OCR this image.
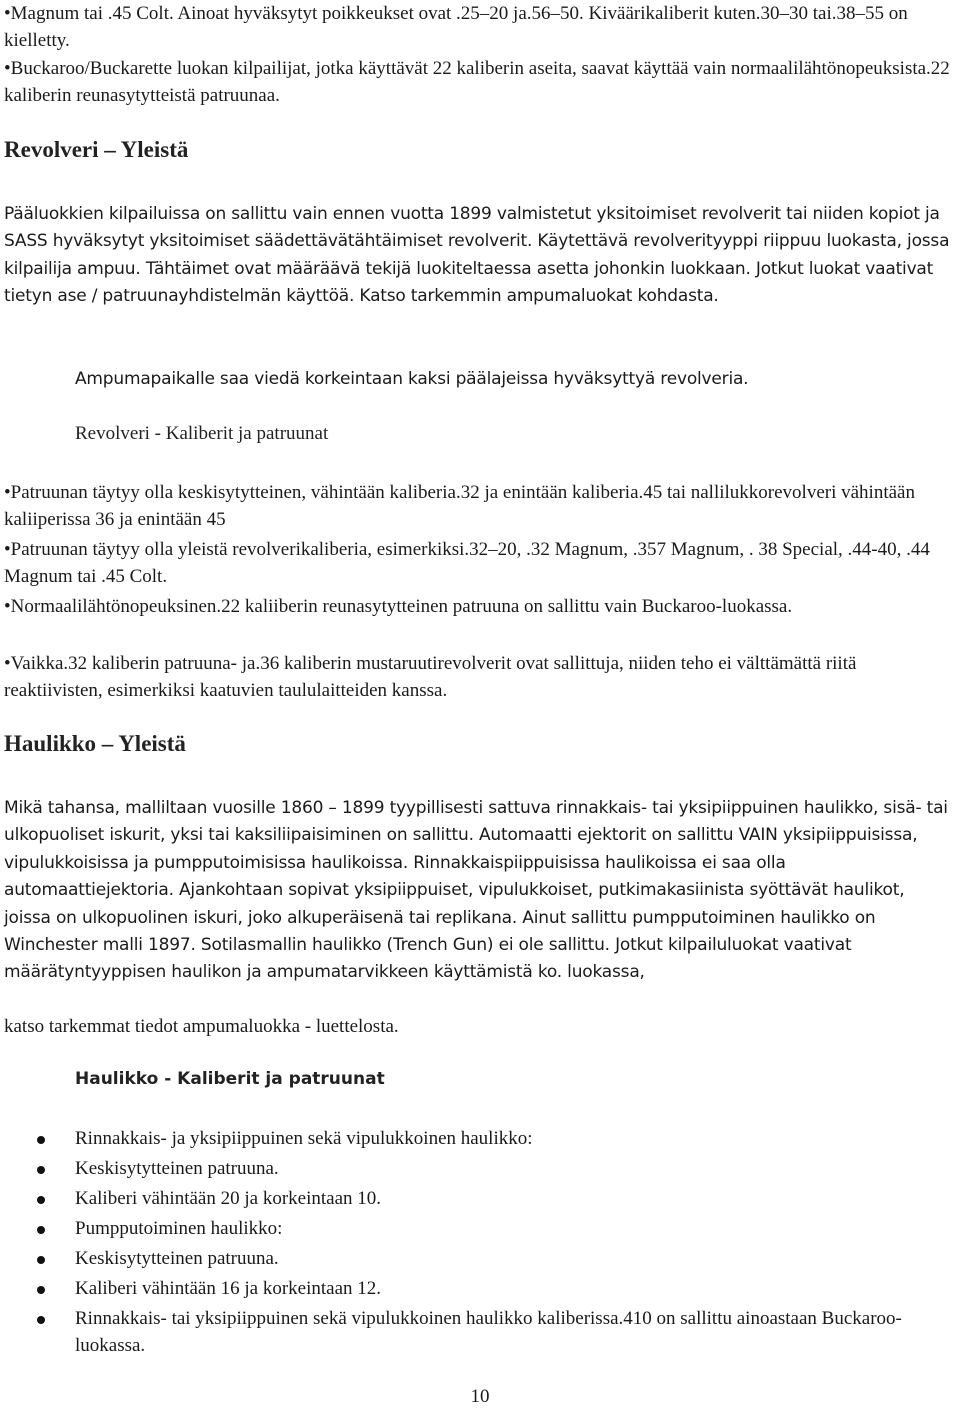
•Magnum tai .45 Colt. Ainoat hyväksytyt poikkeukset ovat .25–20 ja.56–50. Kiväärikaliberit kuten.30–30 tai.38–55 on kielletty.

•Buckaroo/Buckarette luokan kilpailijat, jotka käyttävät 22 kaliberin aseita, saavat käyttää vain normaalilähtönopeuksista.22 kaliberin reunasytytteistä patruunaa.

Revolveri – Yleistä

Pääluokkien kilpailuissa on sallittu vain ennen vuotta 1899 valmistetut yksitoimiset revolverit tai niiden kopiot ja SASS hyväksytyt yksitoimiset säädettävätähtäimiset revolverit. Käytettävä revolverityyppi riippuu luokasta, jossa kilpailija ampuu. Tähtäimet ovat määräävä tekijä luokiteltaessa asetta johonkin luokkaan. Jotkut luokat vaativat tietyn ase / patruunayhdistelmän käyttöä. Katso tarkemmin ampumaluokat kohdasta.

Ampumapaikalle saa viedä korkeintaan kaksi päälajeissa hyväksyttyä revolveria.

Revolveri - Kaliberit ja patruunat

•Patruunan täytyy olla keskisytytteinen, vähintään kaliberia.32 ja enintään kaliberia.45 tai nallilukkorevolveri vähintään kaliiperissa 36 ja enintään 45

•Patruunan täytyy olla yleistä revolverikaliberia, esimerkiksi.32–20, .32 Magnum, .357 Magnum, . 38 Special, .44-40, .44 Magnum tai .45 Colt.

•Normaalilähtönopeuksinen.22 kaliiberin reunasytytteinen patruuna on sallittu vain Buckaroo-luokassa.

•Vaikka.32 kaliberin patruuna- ja.36 kaliberin mustaruutirevolverit ovat sallittuja, niiden teho ei välttämättä riitä reaktiivisten, esimerkiksi kaatuvien taululaitteiden kanssa.

Haulikko – Yleistä

Mikä tahansa, malliltaan vuosille 1860 – 1899 tyypillisesti sattuva rinnakkais- tai yksipiippuinen haulikko, sisä- tai ulkopuoliset iskurit, yksi tai kaksiliipaisiminen on sallittu. Automaatti ejektorit on sallittu VAIN yksipiippuisissa, vipulukkoisissa ja pumpputoimisissa haulikoissa. Rinnakkaispiippuisissa haulikoissa ei saa olla automaattiejektoria. Ajankohtaan sopivat yksipiippuiset, vipulukkoiset, putkimakasiinista syöttävät haulikot, joissa on ulkopuolinen iskuri, joko alkuperäisenä tai replikana. Ainut sallittu pumpputoiminen haulikko on Winchester malli 1897. Sotilasmallin haulikko (Trench Gun) ei ole sallittu. Jotkut kilpailuluokat vaativat määrätyntyyppisen haulikon ja ampumatarvikkeen käyttämistä ko. luokassa,

katso tarkemmat tiedot ampumaluokka - luettelosta.

Haulikko - Kaliberit ja patruunat
Rinnakkais- ja yksipiippuinen sekä vipulukkoinen haulikko:
Keskisytytteinen patruuna.
Kaliberi vähintään 20 ja korkeintaan 10.
Pumpputoiminen haulikko:
Keskisytytteinen patruuna.
Kaliberi vähintään 16 ja korkeintaan 12.
Rinnakkais- tai yksipiippuinen sekä vipulukkoinen haulikko kaliberissa.410 on sallittu ainoastaan Buckaroo-luokassa.
10
